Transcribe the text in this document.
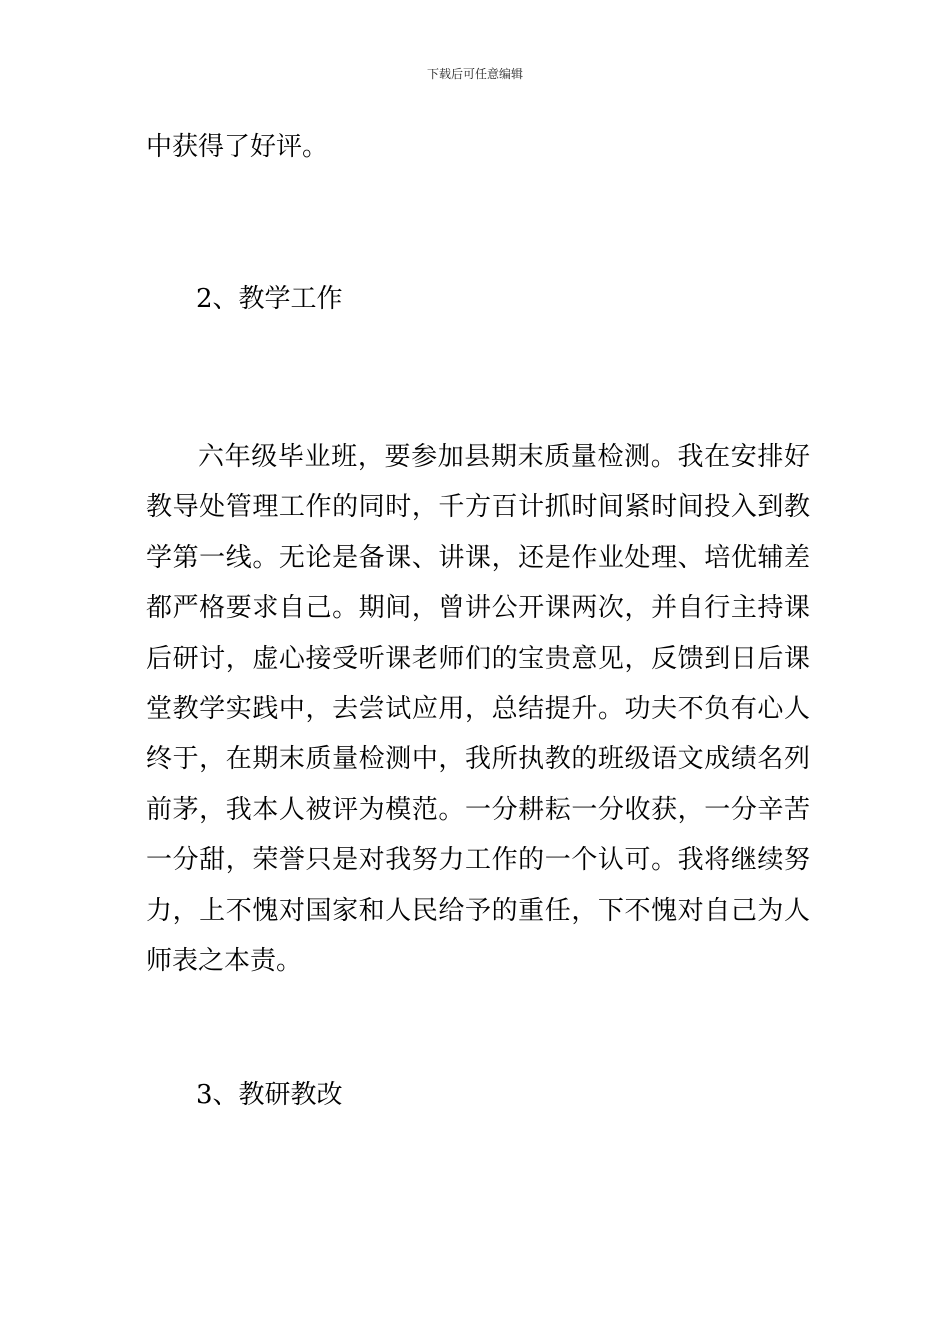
下载后可任意编辑
中获得了好评。
2、教学工作
六年级毕业班，要参加县期末质量检测。我在安排好教导处管理工作的同时，千方百计抓时间紧时间投入到教学第一线。无论是备课、讲课，还是作业处理、培优辅差都严格要求自己。期间，曾讲公开课两次，并自行主持课后研讨，虚心接受听课老师们的宝贵意见，反馈到日后课堂教学实践中，去尝试应用，总结提升。功夫不负有心人终于，在期末质量检测中，我所执教的班级语文成绩名列前茅，我本人被评为模范。一分耕耘一分收获，一分辛苦一分甜，荣誉只是对我努力工作的一个认可。我将继续努力，上不愧对国家和人民给予的重任，下不愧对自己为人师表之本责。
3、教研教改
